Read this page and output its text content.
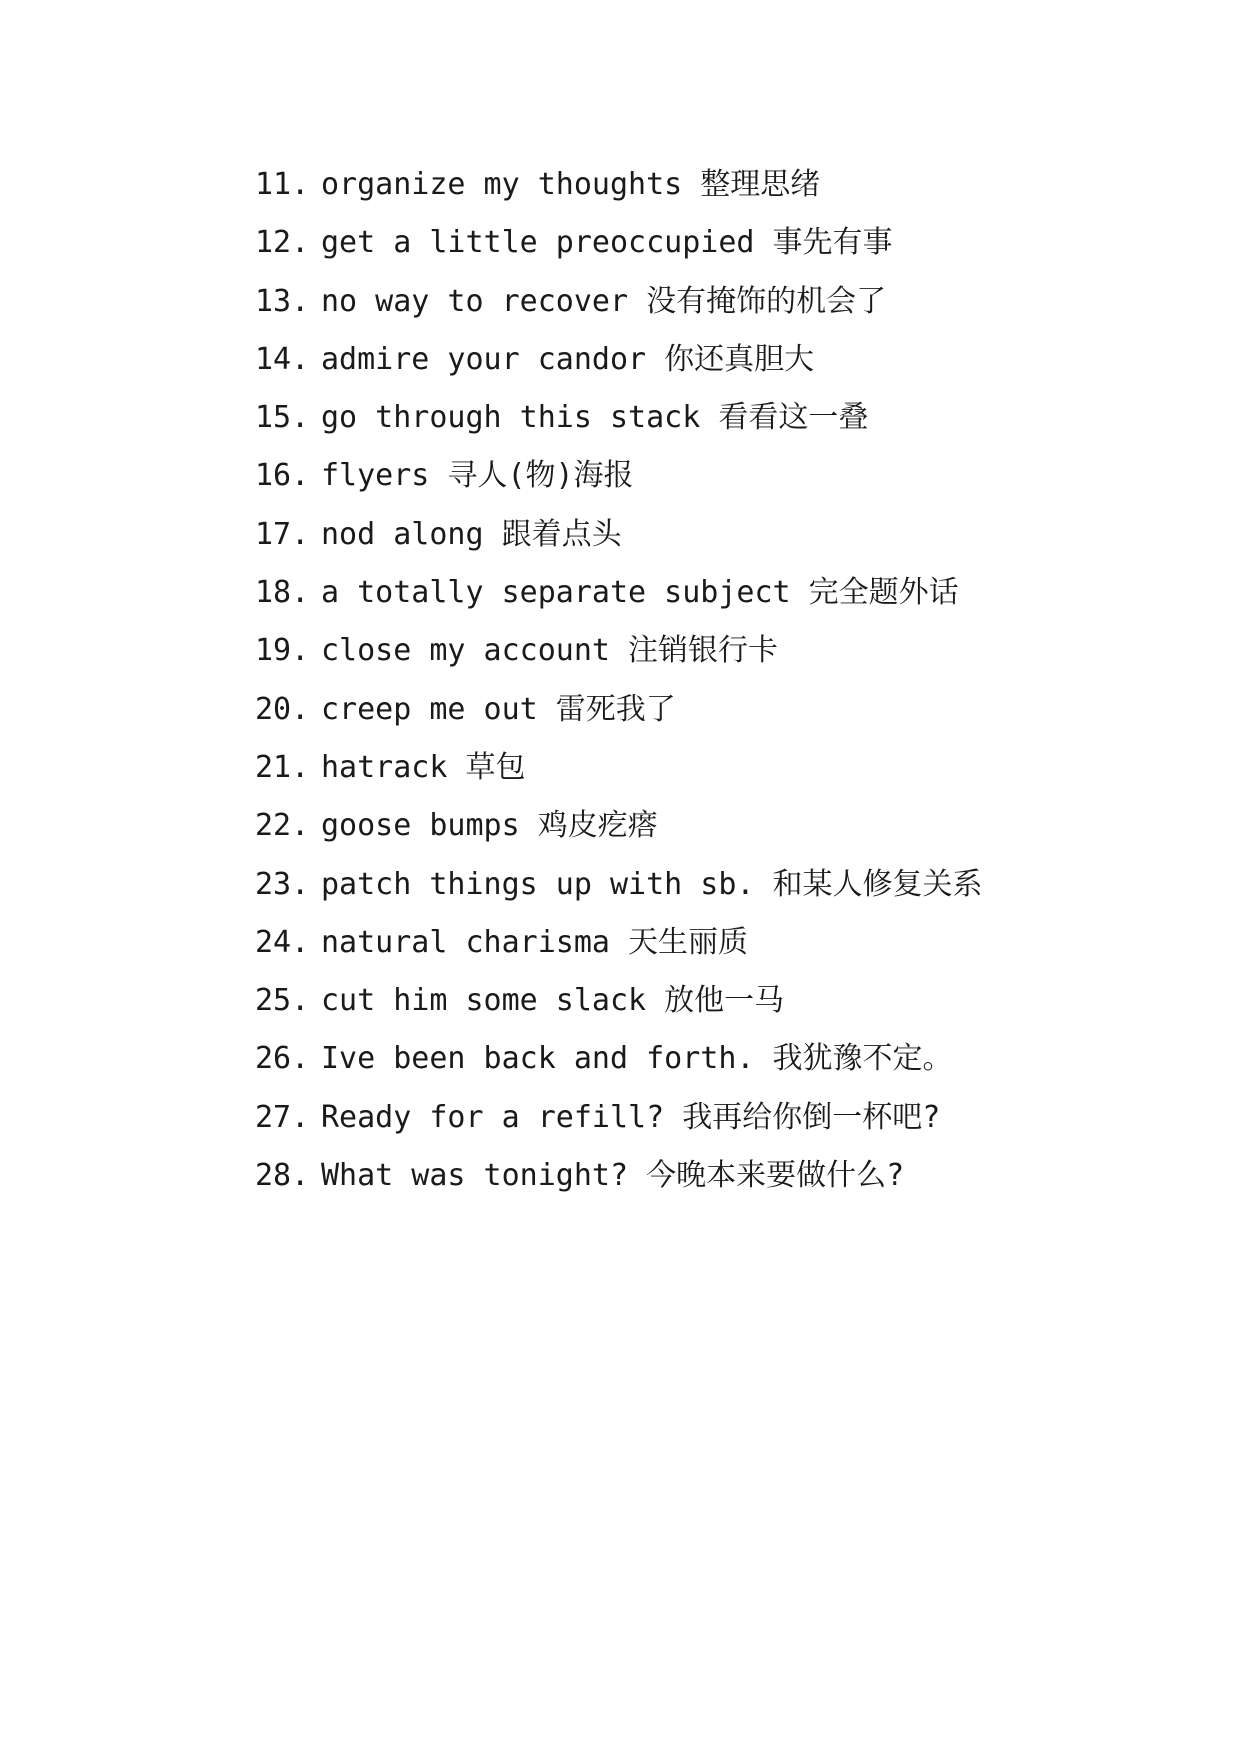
11. organize my thoughts 整理思绪
12. get a little preoccupied 事先有事
13. no way to recover 没有掩饰的机会了
14. admire your candor 你还真胆大
15. go through this stack 看看这一叠
16. flyers 寻人(物)海报
17. nod along 跟着点头
18. a totally separate subject 完全题外话
19. close my account 注销银行卡
20. creep me out 雷死我了
21. hatrack 草包
22. goose bumps 鸡皮疙瘩
23. patch things up with sb. 和某人修复关系
24. natural charisma 天生丽质
25. cut him some slack 放他一马
26. Ive been back and forth. 我犹豫不定。
27. Ready for a refill? 我再给你倒一杯吧?
28. What was tonight? 今晚本来要做什么?
